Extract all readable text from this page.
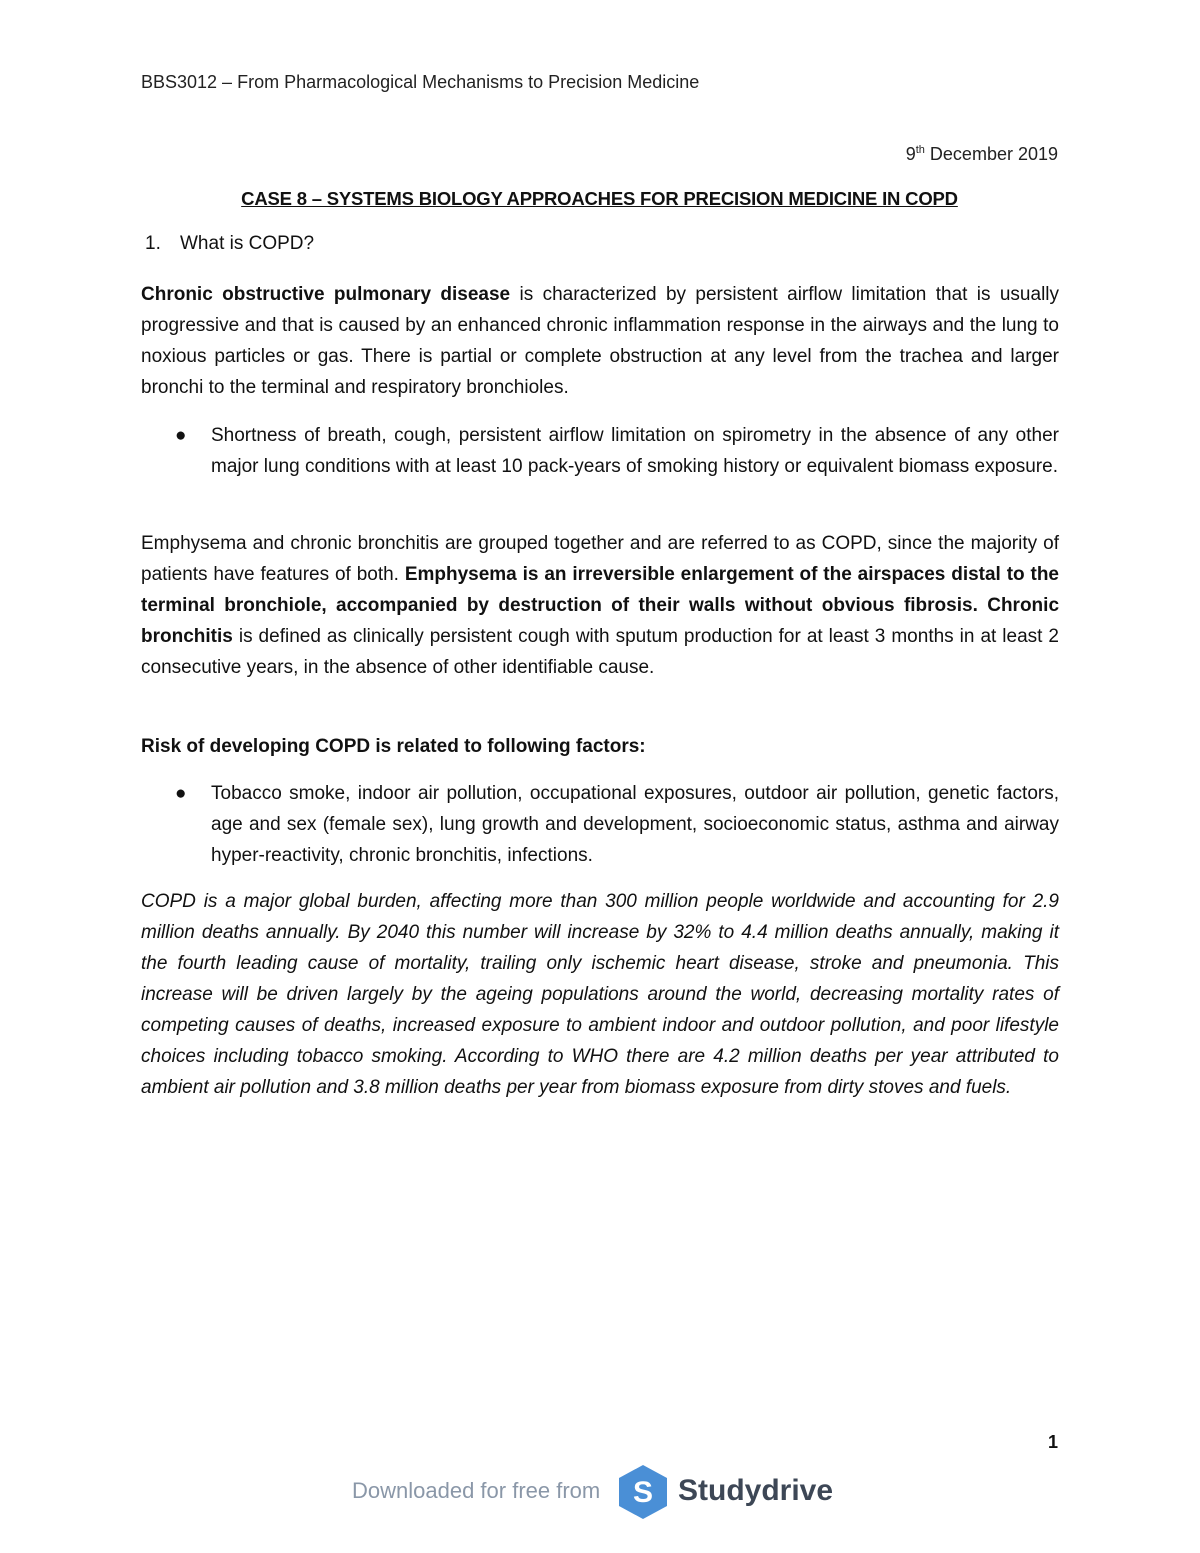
BBS3012 – From Pharmacological Mechanisms to Precision Medicine
9th December 2019
CASE 8 – SYSTEMS BIOLOGY APPROACHES FOR PRECISION MEDICINE IN COPD
1. What is COPD?

Chronic obstructive pulmonary disease is characterized by persistent airflow limitation that is usually progressive and that is caused by an enhanced chronic inflammation response in the airways and the lung to noxious particles or gas. There is partial or complete obstruction at any level from the trachea and larger bronchi to the terminal and respiratory bronchioles.

● Shortness of breath, cough, persistent airflow limitation on spirometry in the absence of any other major lung conditions with at least 10 pack-years of smoking history or equivalent biomass exposure.

Emphysema and chronic bronchitis are grouped together and are referred to as COPD, since the majority of patients have features of both. Emphysema is an irreversible enlargement of the airspaces distal to the terminal bronchiole, accompanied by destruction of their walls without obvious fibrosis. Chronic bronchitis is defined as clinically persistent cough with sputum production for at least 3 months in at least 2 consecutive years, in the absence of other identifiable cause.

Risk of developing COPD is related to following factors:
● Tobacco smoke, indoor air pollution, occupational exposures, outdoor air pollution, genetic factors, age and sex (female sex), lung growth and development, socioeconomic status, asthma and airway hyper-reactivity, chronic bronchitis, infections.
COPD is a major global burden, affecting more than 300 million people worldwide and accounting for 2.9 million deaths annually. By 2040 this number will increase by 32% to 4.4 million deaths annually, making it the fourth leading cause of mortality, trailing only ischemic heart disease, stroke and pneumonia. This increase will be driven largely by the ageing populations around the world, decreasing mortality rates of competing causes of deaths, increased exposure to ambient indoor and outdoor pollution, and poor lifestyle choices including tobacco smoking. According to WHO there are 4.2 million deaths per year attributed to ambient air pollution and 3.8 million deaths per year from biomass exposure from dirty stoves and fuels.
1
Downloaded for free from S Studydrive
